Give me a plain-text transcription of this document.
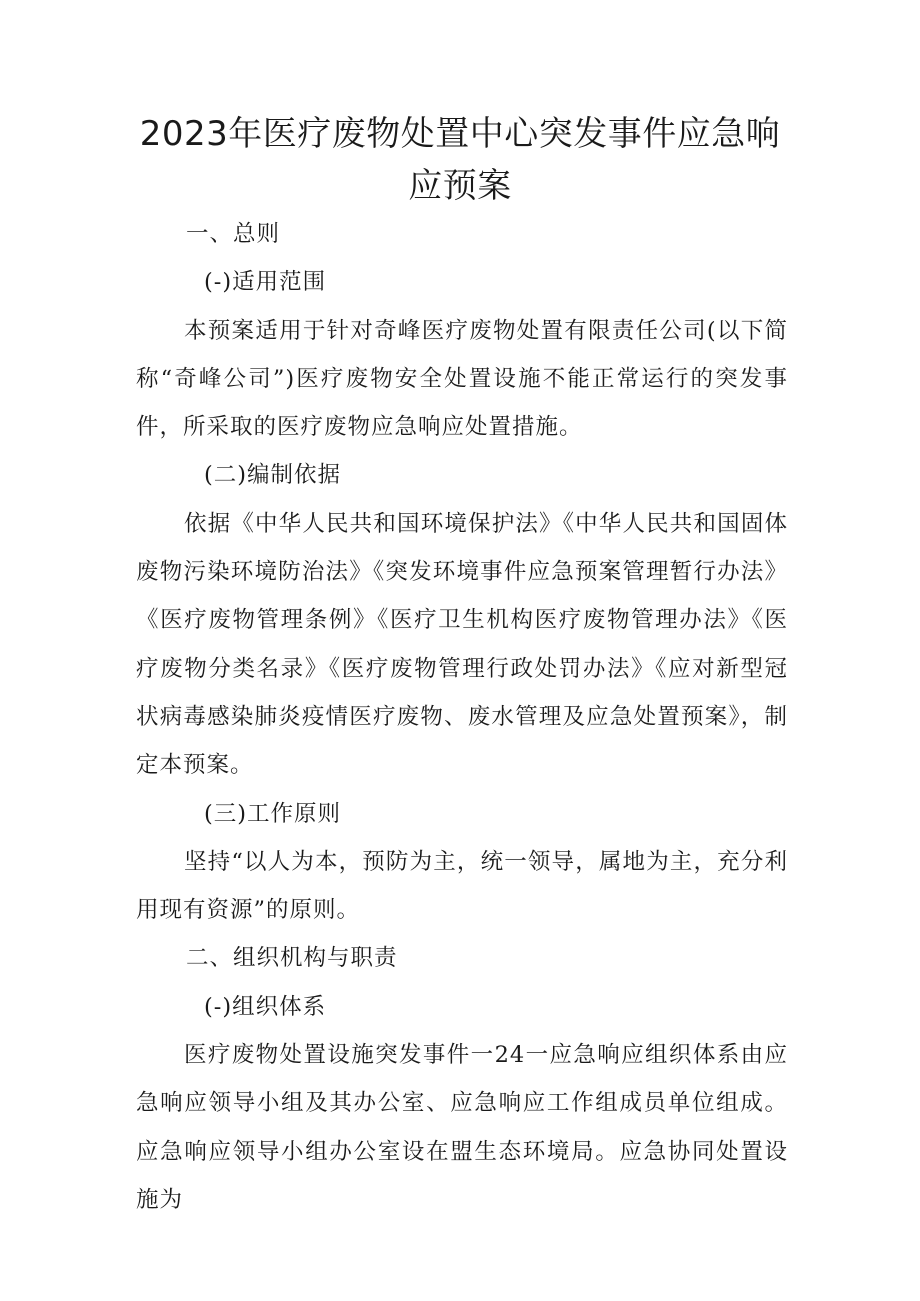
2023年医疗废物处置中心突发事件应急响
应预案

一、总则

(-)适用范围

本预案适用于针对奇峰医疗废物处置有限责任公司(以下简称“奇峰公司”)医疗废物安全处置设施不能正常运行的突发事件，所采取的医疗废物应急响应处置措施。

(二)编制依据

依据《中华人民共和国环境保护法》《中华人民共和国固体废物污染环境防治法》《突发环境事件应急预案管理暂行办法》《医疗废物管理条例》《医疗卫生机构医疗废物管理办法》《医疗废物分类名录》《医疗废物管理行政处罚办法》《应对新型冠状病毒感染肺炎疫情医疗废物、废水管理及应急处置预案》，制定本预案。

(三)工作原则

坚持“以人为本，预防为主，统一领导，属地为主，充分利用现有资源”的原则。

二、组织机构与职责

(-)组织体系

医疗废物处置设施突发事件一24一应急响应组织体系由应急响应领导小组及其办公室、应急响应工作组成员单位组成。应急响应领导小组办公室设在盟生态环境局。应急协同处置设施为
